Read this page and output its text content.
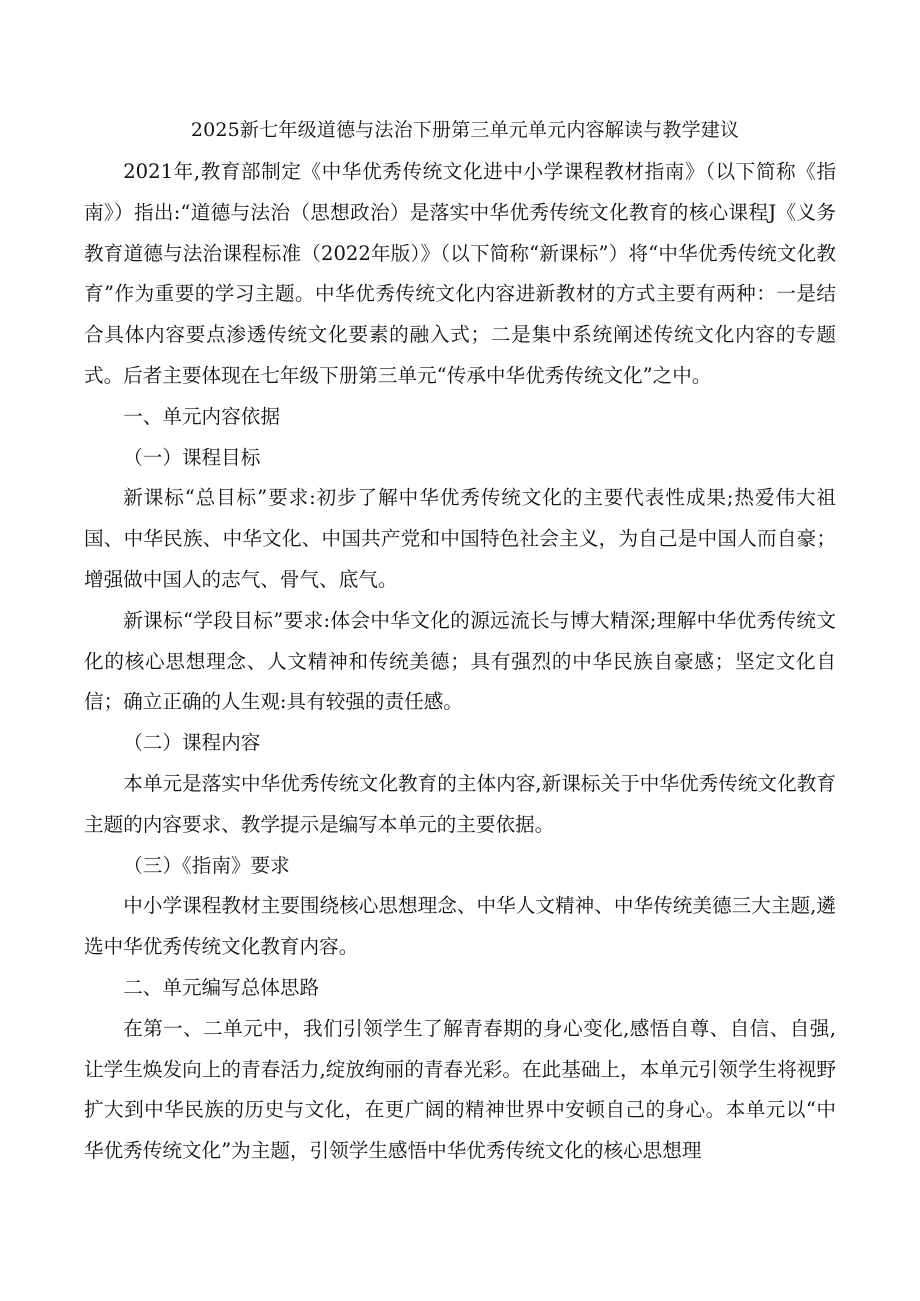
2025新七年级道德与法治下册第三单元单元内容解读与教学建议

2021年,教育部制定《中华优秀传统文化进中小学课程教材指南》（以下简称《指南》）指出:“道德与法治（思想政治）是落实中华优秀传统文化教育的核心课程J《义务教育道德与法治课程标准（2022年版）》（以下简称“新课标”）将“中华优秀传统文化教育”作为重要的学习主题。中华优秀传统文化内容进新教材的方式主要有两种：一是结合具体内容要点渗透传统文化要素的融入式；二是集中系统阐述传统文化内容的专题式。后者主要体现在七年级下册第三单元“传承中华优秀传统文化”之中。

一、单元内容依据

（一）课程目标

新课标“总目标”要求:初步了解中华优秀传统文化的主要代表性成果;热爱伟大祖国、中华民族、中华文化、中国共产党和中国特色社会主义，为自己是中国人而自豪；增强做中国人的志气、骨气、底气。

新课标“学段目标”要求:体会中华文化的源远流长与博大精深;理解中华优秀传统文化的核心思想理念、人文精神和传统美德；具有强烈的中华民族自豪感；坚定文化自信；确立正确的人生观:具有较强的责任感。

（二）课程内容

本单元是落实中华优秀传统文化教育的主体内容,新课标关于中华优秀传统文化教育主题的内容要求、教学提示是编写本单元的主要依据。

（三）《指南》要求

中小学课程教材主要围绕核心思想理念、中华人文精神、中华传统美德三大主题,遴选中华优秀传统文化教育内容。

二、单元编写总体思路

在第一、二单元中，我们引领学生了解青春期的身心变化,感悟自尊、自信、自强,让学生焕发向上的青春活力,绽放绚丽的青春光彩。在此基础上，本单元引领学生将视野扩大到中华民族的历史与文化，在更广阔的精神世界中安顿自己的身心。本单元以“中华优秀传统文化”为主题，引领学生感悟中华优秀传统文化的核心思想理
